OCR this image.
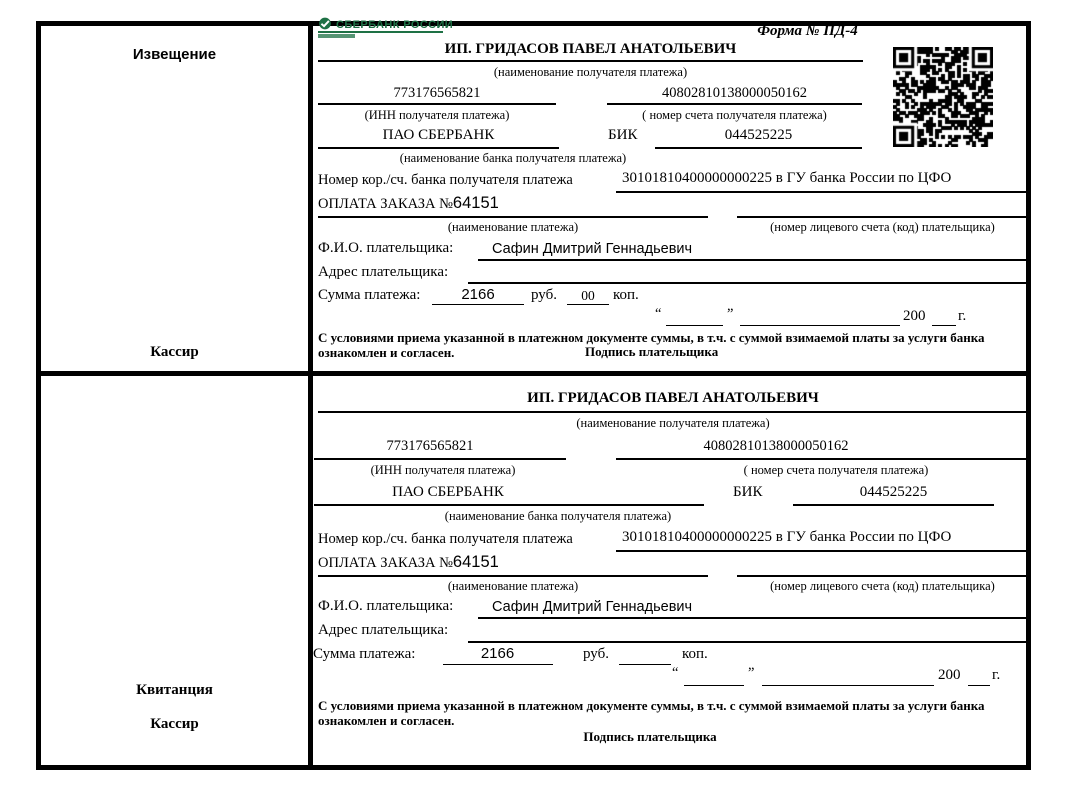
Извещение
Кассир
Квитанция
Кассир
СБЕРБАНК РОССИИ	Форма № ПД-4
ИП. ГРИДАСОВ ПАВЕЛ АНАТОЛЬЕВИЧ
(наименование получателя платежа)
773176565821	40802810138000050162
(ИНН получателя платежа)	( номер счета получателя платежа)
ПАО СБЕРБАНК	БИК	044525225
(наименование банка получателя платежа)
Номер кор./сч. банка получателя платежа	30101810400000000225 в ГУ банка России по ЦФО
ОПЛАТА ЗАКАЗА №64151
(наименование платежа)	(номер лицевого счета (код) плательщика)
Ф.И.О. плательщика:	Сафин Дмитрий Геннадьевич
Адрес плательщика:
Сумма платежа:	2166	руб.	00	коп.
“	”	200 г.
С условиями приема указанной в платежном документе суммы, в т.ч. с суммой взимаемой платы за услуги банка
ознакомлен и согласен.	Подпись плательщика
ИП. ГРИДАСОВ ПАВЕЛ АНАТОЛЬЕВИЧ
(наименование получателя платежа)
773176565821	40802810138000050162
(ИНН получателя платежа)	( номер счета получателя платежа)
ПАО СБЕРБАНК	БИК	044525225
(наименование банка получателя платежа)
Номер кор./сч. банка получателя платежа	30101810400000000225 в ГУ банка России по ЦФО
ОПЛАТА ЗАКАЗА №64151
(наименование платежа)	(номер лицевого счета (код) плательщика)
Ф.И.О. плательщика:	Сафин Дмитрий Геннадьевич
Адрес плательщика:
Сумма платежа:	2166	руб.	коп.
“	”	200 г.
С условиями приема указанной в платежном документе суммы, в т.ч. с суммой взимаемой платы за услуги банка
ознакомлен и согласен.
Подпись плательщика
